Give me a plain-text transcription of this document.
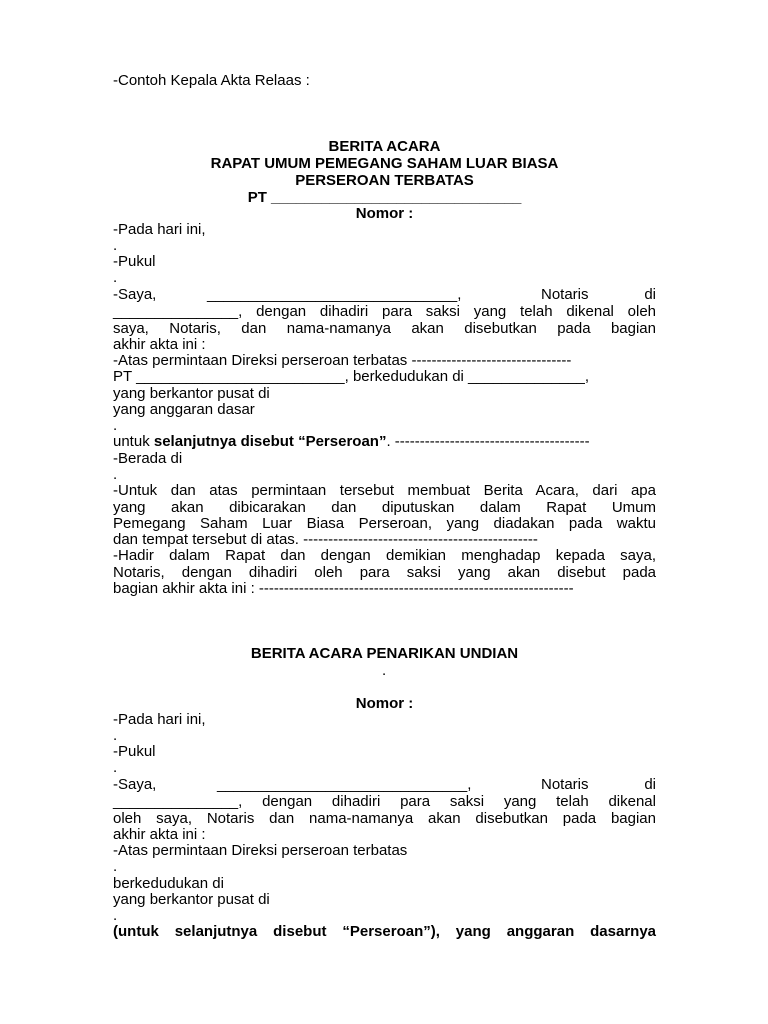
-Contoh Kepala Akta Relaas :
BERITA ACARA
RAPAT UMUM PEMEGANG SAHAM LUAR BIASA
PERSEROAN TERBATAS
PT ______________________________
Nomor :
-Pada hari ini,
.
-Pukul
.
-Saya,	______________________________,	Notaris	di
_______________, dengan dihadiri para saksi yang telah dikenal oleh
saya, Notaris, dan nama-namanya akan disebutkan pada bagian
akhir akta ini :
-Atas permintaan Direksi perseroan terbatas --------------------------------
PT _________________________, berkedudukan di ______________,
yang berkantor pusat di
yang anggaran dasar
.
untuk selanjutnya disebut “Perseroan”. ---------------------------------------
-Berada di
.
-Untuk dan atas permintaan tersebut membuat Berita Acara, dari apa
yang akan dibicarakan dan diputuskan dalam Rapat Umum
Pemegang Saham Luar Biasa Perseroan, yang diadakan pada waktu
dan tempat tersebut di atas. -----------------------------------------------
-Hadir dalam Rapat dan dengan demikian menghadap kepada saya,
Notaris, dengan dihadiri oleh para saksi yang akan disebut pada
bagian akhir akta ini : ---------------------------------------------------------------
BERITA ACARA PENARIKAN UNDIAN
.
Nomor :
-Pada hari ini,
.
-Pukul
.
-Saya,	______________________________,	Notaris	di
_______________, dengan dihadiri para saksi yang telah dikenal
oleh saya, Notaris dan nama-namanya akan disebutkan pada bagian
akhir akta ini :
-Atas permintaan Direksi perseroan terbatas
.
berkedudukan di
yang berkantor pusat di
.
(untuk selanjutnya disebut “Perseroan”), yang anggaran dasarnya
